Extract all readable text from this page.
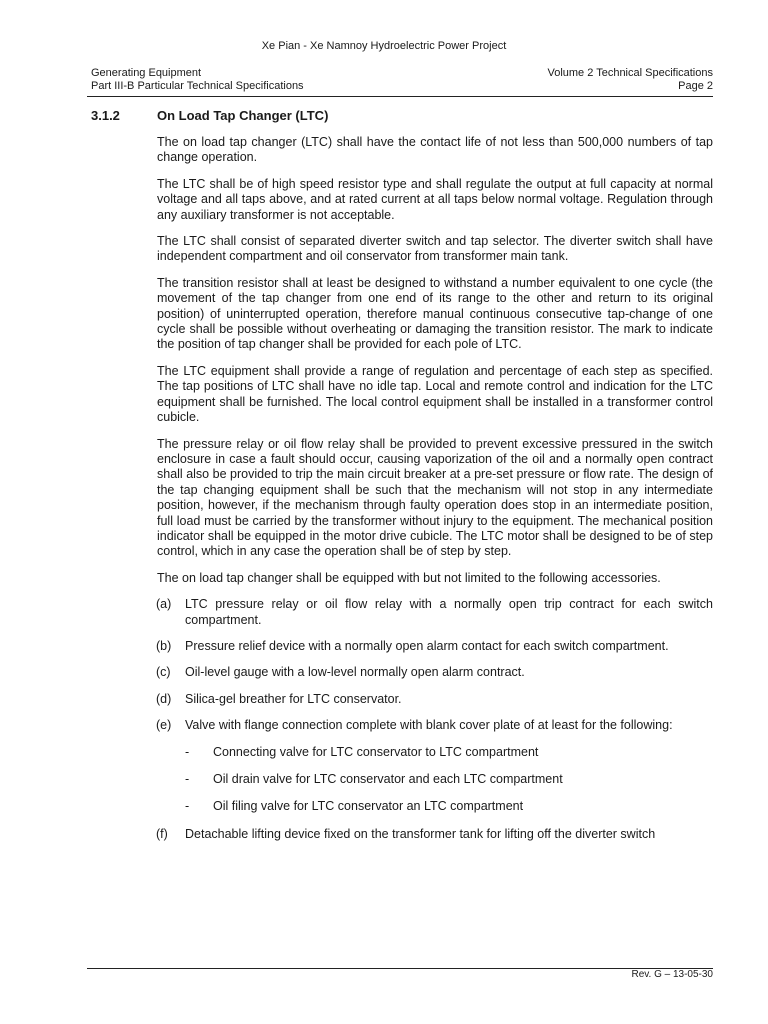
Xe Pian - Xe Namnoy Hydroelectric Power Project
Generating Equipment
Part III-B Particular Technical Specifications
Volume 2 Technical Specifications
Page 2
3.1.2	On Load Tap Changer (LTC)

The on load tap changer (LTC) shall have the contact life of not less than 500,000 numbers of tap change operation.

The LTC shall be of high speed resistor type and shall regulate the output at full capacity at normal voltage and all taps above, and at rated current at all taps below normal voltage. Regulation through any auxiliary transformer is not acceptable.

The LTC shall consist of separated diverter switch and tap selector. The diverter switch shall have independent compartment and oil conservator from transformer main tank.

The transition resistor shall at least be designed to withstand a number equivalent to one cycle (the movement of the tap changer from one end of its range to the other and return to its original position) of uninterrupted operation, therefore manual continuous consecutive tap-change of one cycle shall be possible without overheating or damaging the transition resistor. The mark to indicate the position of tap changer shall be provided for each pole of LTC.

The LTC equipment shall provide a range of regulation and percentage of each step as specified. The tap positions of LTC shall have no idle tap. Local and remote control and indication for the LTC equipment shall be furnished. The local control equipment shall be installed in a transformer control cubicle.

The pressure relay or oil flow relay shall be provided to prevent excessive pressured in the switch enclosure in case a fault should occur, causing vaporization of the oil and a normally open contract shall also be provided to trip the main circuit breaker at a pre-set pressure or flow rate. The design of the tap changing equipment shall be such that the mechanism will not stop in any intermediate position, however, if the mechanism through faulty operation does stop in an intermediate position, full load must be carried by the transformer without injury to the equipment. The mechanical position indicator shall be equipped in the motor drive cubicle. The LTC motor shall be designed to be of step control, which in any case the operation shall be of step by step.

The on load tap changer shall be equipped with but not limited to the following accessories.

(a) LTC pressure relay or oil flow relay with a normally open trip contract for each switch compartment.
(b) Pressure relief device with a normally open alarm contact for each switch compartment.
(c) Oil-level gauge with a low-level normally open alarm contract.
(d) Silica-gel breather for LTC conservator.
(e) Valve with flange connection complete with blank cover plate of at least for the following:
- Connecting valve for LTC conservator to LTC compartment
- Oil drain valve for LTC conservator and each LTC compartment
- Oil filing valve for LTC conservator an LTC compartment
(f) Detachable lifting device fixed on the transformer tank for lifting off the diverter switch
Rev. G – 13-05-30
